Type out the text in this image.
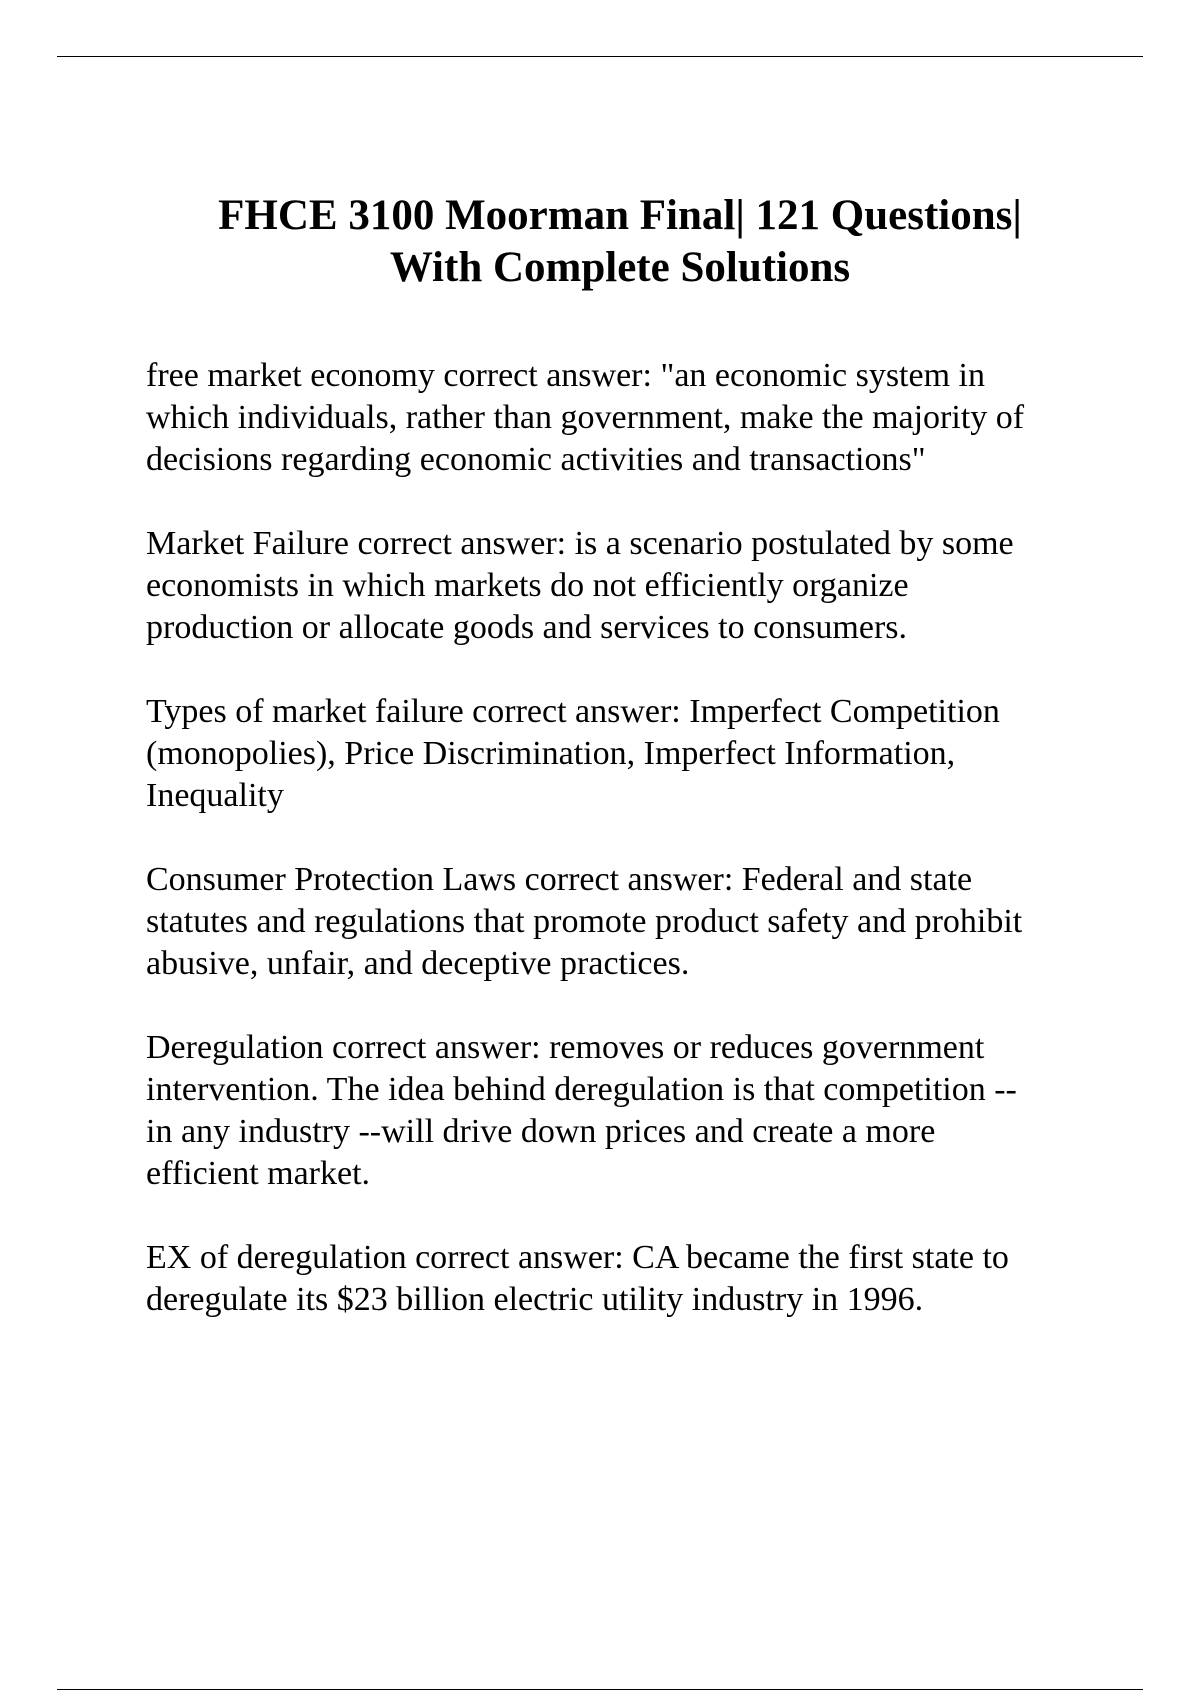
FHCE 3100 Moorman Final| 121 Questions|
With Complete Solutions

free market economy correct answer: "an economic system in
which individuals, rather than government, make the majority of
decisions regarding economic activities and transactions"

Market Failure correct answer: is a scenario postulated by some
economists in which markets do not efficiently organize
production or allocate goods and services to consumers.

Types of market failure correct answer: Imperfect Competition
(monopolies), Price Discrimination, Imperfect Information,
Inequality

Consumer Protection Laws correct answer: Federal and state
statutes and regulations that promote product safety and prohibit
abusive, unfair, and deceptive practices.

Deregulation correct answer: removes or reduces government
intervention. The idea behind deregulation is that competition --
in any industry --will drive down prices and create a more
efficient market.

EX of deregulation correct answer: CA became the first state to
deregulate its $23 billion electric utility industry in 1996.
